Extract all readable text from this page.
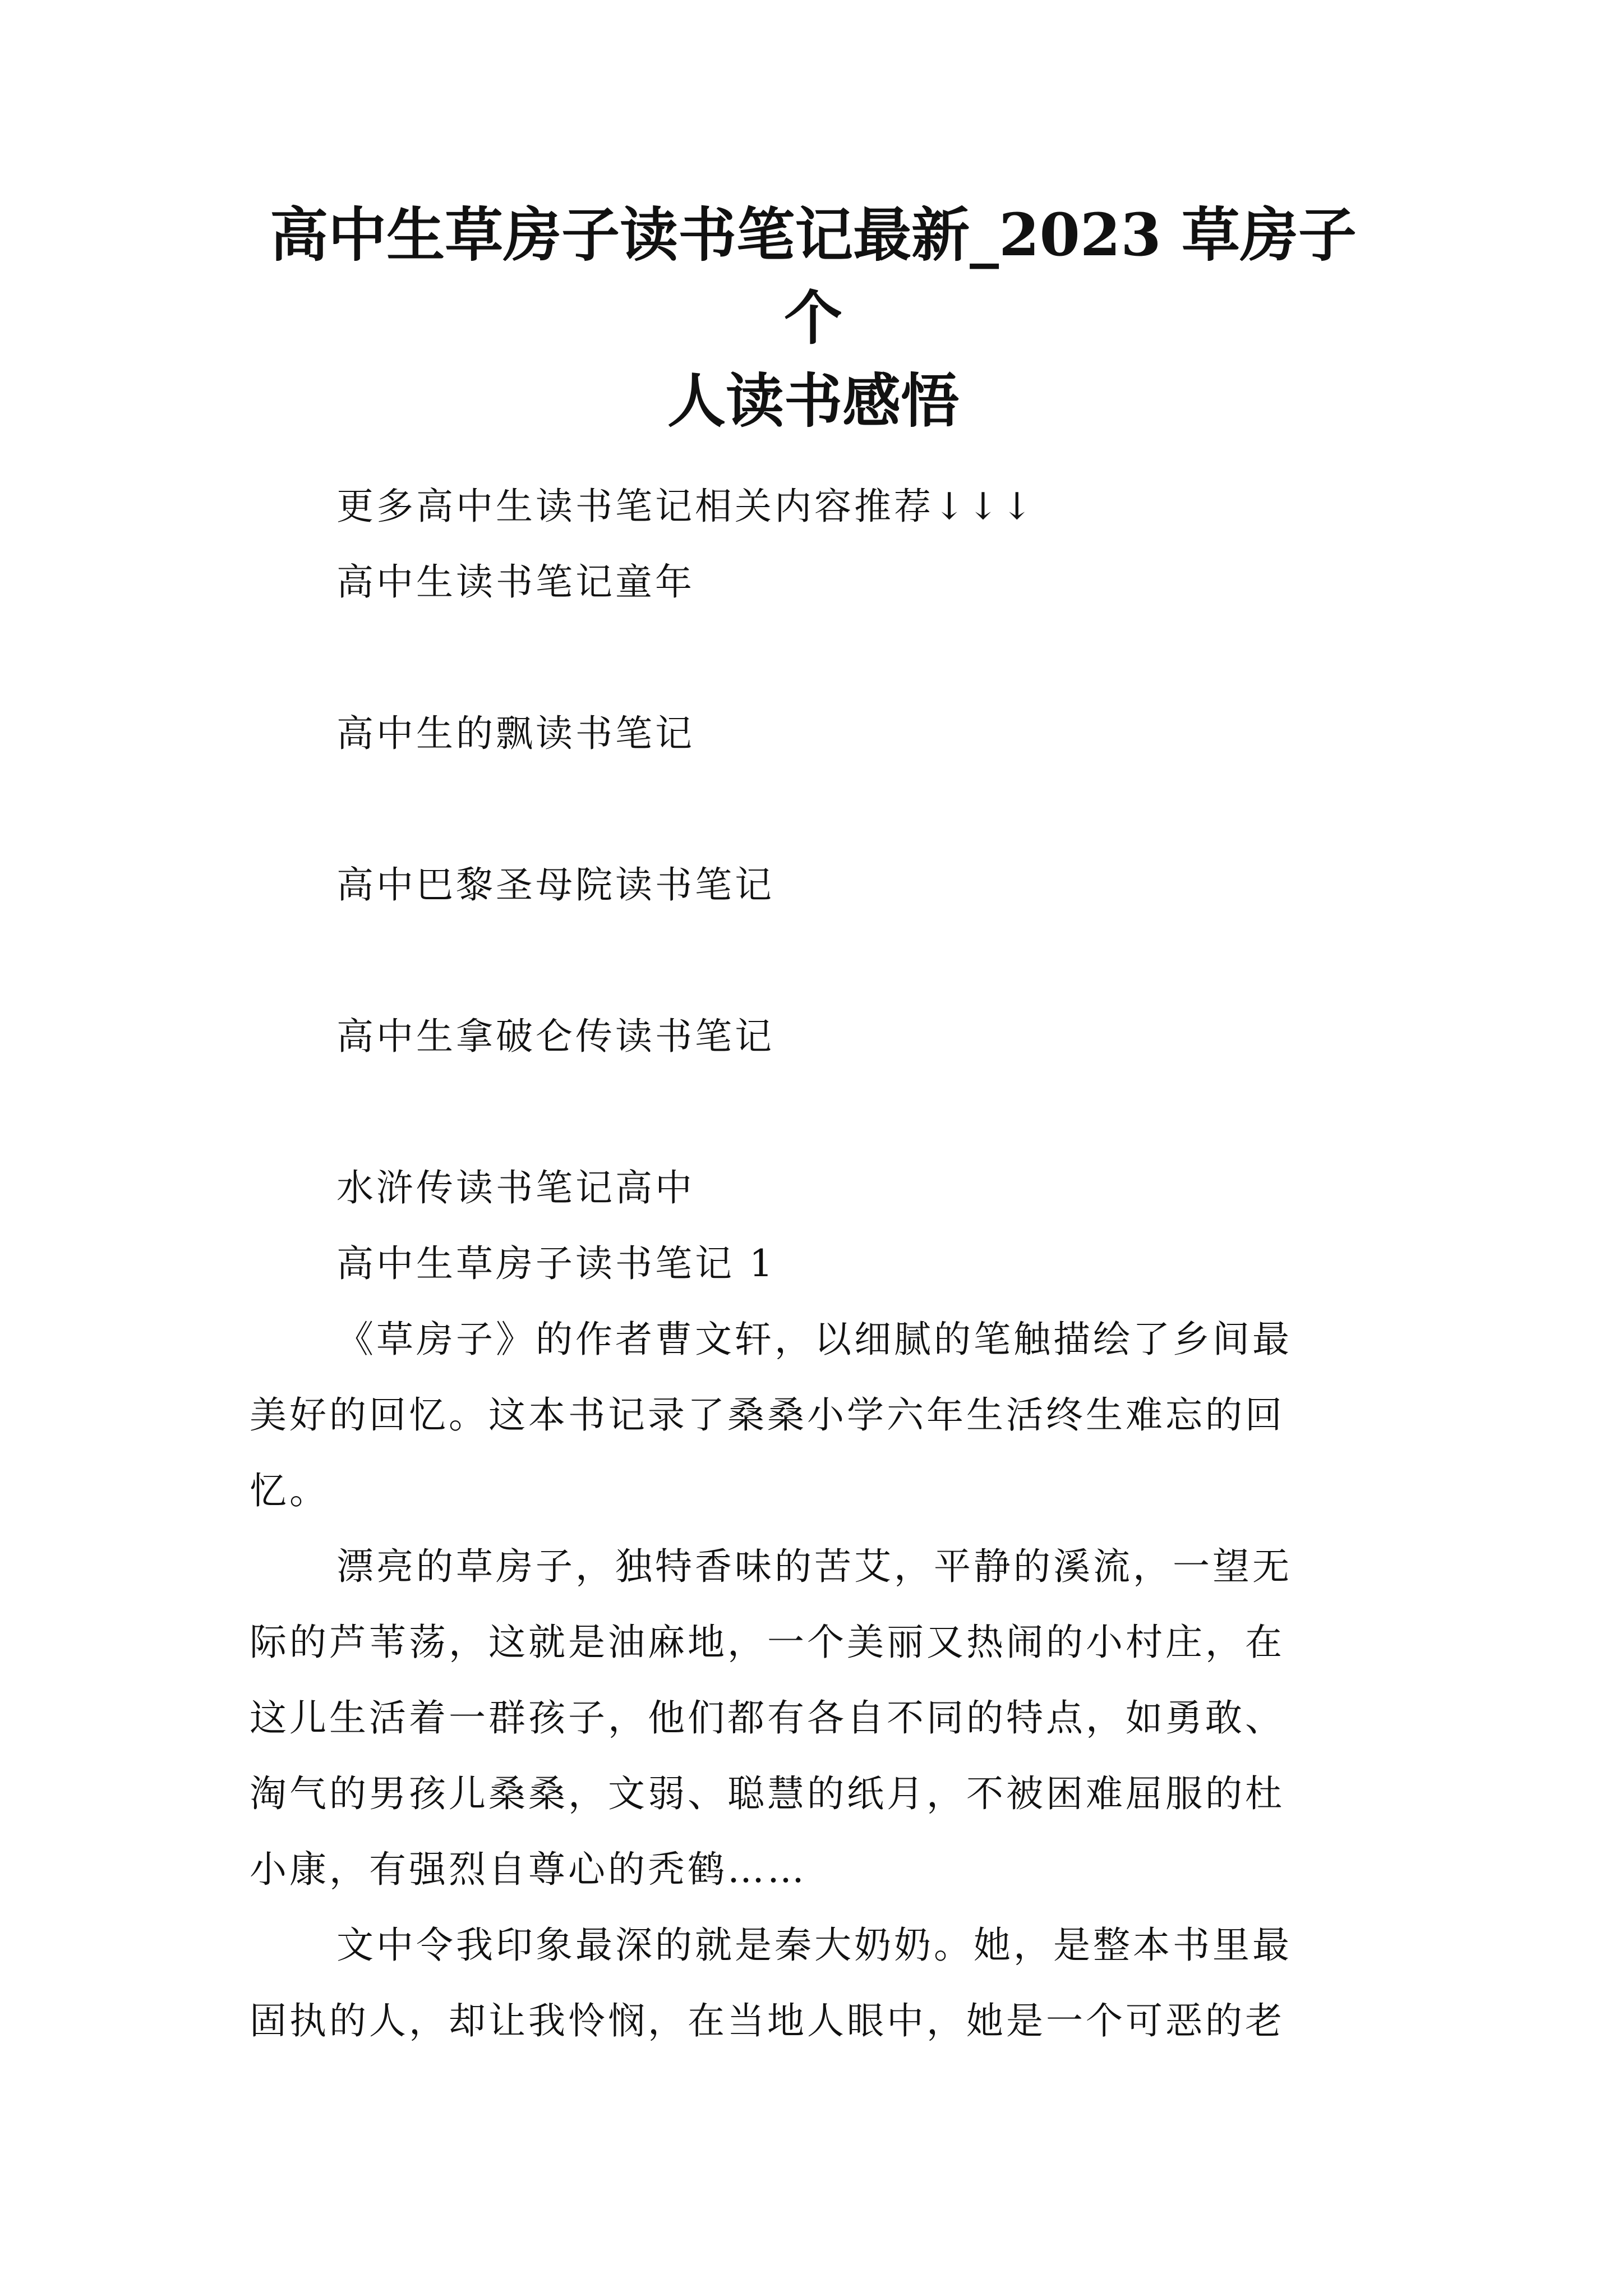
高中生草房子读书笔记最新_2023 草房子个
人读书感悟
更多高中生读书笔记相关内容推荐↓↓↓
高中生读书笔记童年
高中生的飘读书笔记
高中巴黎圣母院读书笔记
高中生拿破仑传读书笔记
水浒传读书笔记高中
高中生草房子读书笔记 1
《草房子》的作者曹文轩，以细腻的笔触描绘了乡间最
美好的回忆。这本书记录了桑桑小学六年生活终生难忘的回
忆。
漂亮的草房子，独特香味的苦艾，平静的溪流，一望无
际的芦苇荡，这就是油麻地，一个美丽又热闹的小村庄，在
这儿生活着一群孩子，他们都有各自不同的特点，如勇敢、
淘气的男孩儿桑桑，文弱、聪慧的纸月，不被困难屈服的杜
小康，有强烈自尊心的秃鹤……
文中令我印象最深的就是秦大奶奶。她，是整本书里最
固执的人，却让我怜悯，在当地人眼中，她是一个可恶的老
